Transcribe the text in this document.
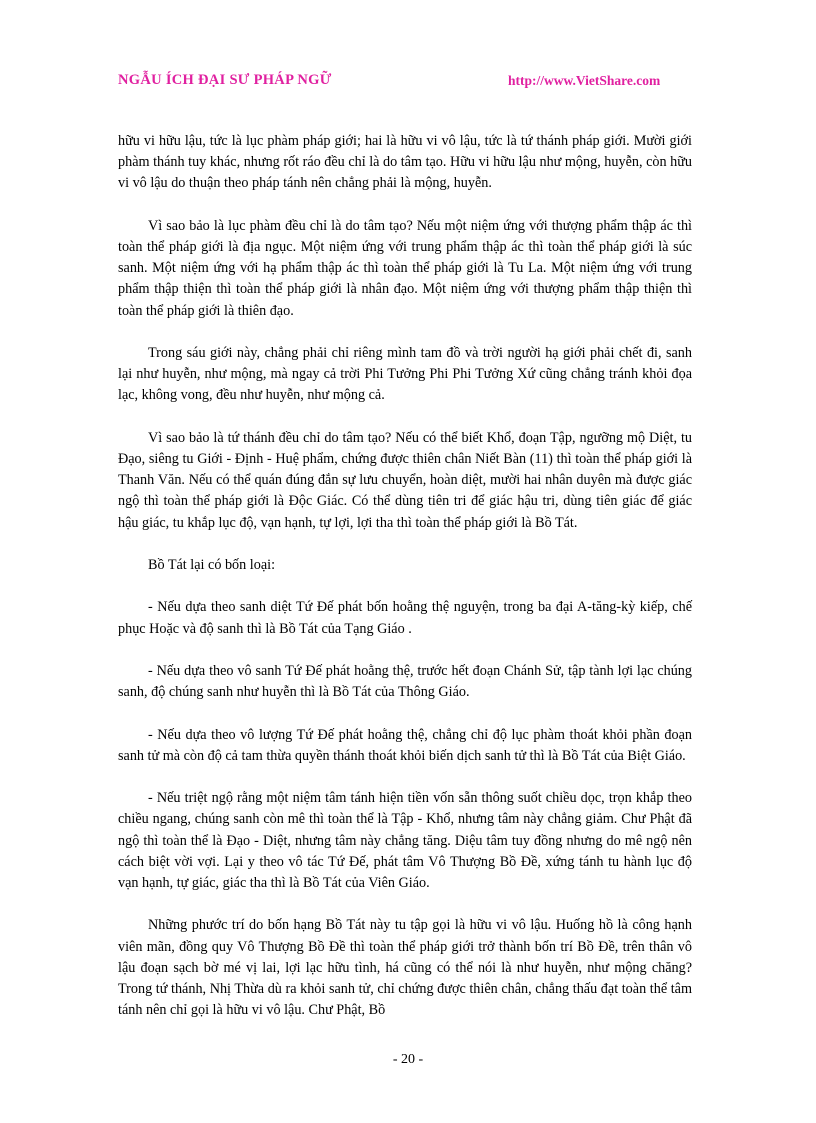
NGẪU ÍCH ĐẠI SƯ PHÁP NGỮ	http://www.VietShare.com

hữu vi hữu lậu, tức là lục phàm pháp giới; hai là hữu vi vô lậu, tức là tứ thánh pháp giới. Mười giới phàm thánh tuy khác, nhưng rốt ráo đều chỉ là do tâm tạo. Hữu vi hữu lậu như mộng, huyễn, còn hữu vi vô lậu do thuận theo pháp tánh nên chẳng phải là mộng, huyễn.

Vì sao bảo là lục phàm đều chỉ là do tâm tạo? Nếu một niệm ứng với thượng phẩm thập ác thì toàn thể pháp giới là địa ngục. Một niệm ứng với trung phẩm thập ác thì toàn thể pháp giới là súc sanh. Một niệm ứng với hạ phẩm thập ác thì toàn thể pháp giới là Tu La. Một niệm ứng với trung phẩm thập thiện thì toàn thể pháp giới là nhân đạo. Một niệm ứng với thượng phẩm thập thiện thì toàn thể pháp giới là thiên đạo.

Trong sáu giới này, chẳng phải chỉ riêng mình tam đồ và trời người hạ giới phải chết đi, sanh lại như huyễn, như mộng, mà ngay cả trời Phi Tưởng Phi Phi Tưởng Xứ cũng chẳng tránh khỏi đọa lạc, không vong, đều như huyễn, như mộng cả.

Vì sao bảo là tứ thánh đều chỉ do tâm tạo? Nếu có thể biết Khổ, đoạn Tập, ngưỡng mộ Diệt, tu Đạo, siêng tu Giới - Định - Huệ phẩm, chứng được thiên chân Niết Bàn (11) thì toàn thể pháp giới là Thanh Văn. Nếu có thể quán đúng đắn sự lưu chuyển, hoàn diệt, mười hai nhân duyên mà được giác ngộ thì toàn thể pháp giới là Độc Giác. Có thể dùng tiên tri để giác hậu tri, dùng tiên giác để giác hậu giác, tu khắp lục độ, vạn hạnh, tự lợi, lợi tha thì toàn thể pháp giới là Bồ Tát.

Bồ Tát lại có bốn loại:

- Nếu dựa theo sanh diệt Tứ Đế phát bốn hoằng thệ nguyện, trong ba đại A-tăng-kỳ kiếp, chế phục Hoặc và độ sanh thì là Bồ Tát của Tạng Giáo .

- Nếu dựa theo vô sanh Tứ Đế phát hoằng thệ, trước hết đoạn Chánh Sử, tập tành lợi lạc chúng sanh, độ chúng sanh như huyễn thì là Bồ Tát của Thông Giáo.

- Nếu dựa theo vô lượng Tứ Đế phát hoằng thệ, chẳng chỉ độ lục phàm thoát khỏi phần đoạn sanh tử mà còn độ cả tam thừa quyền thánh thoát khỏi biến dịch sanh tử thì là Bồ Tát của Biệt Giáo.

- Nếu triệt ngộ rằng một niệm tâm tánh hiện tiền vốn sẵn thông suốt chiều dọc, trọn khắp theo chiều ngang, chúng sanh còn mê thì toàn thể là Tập - Khổ, nhưng tâm này chẳng giảm. Chư Phật đã ngộ thì toàn thể là Đạo - Diệt, nhưng tâm này chẳng tăng. Diệu tâm tuy đồng nhưng do mê ngộ nên cách biệt vời vợi. Lại y theo vô tác Tứ Đế, phát tâm Vô Thượng Bồ Đề, xứng tánh tu hành lục độ vạn hạnh, tự giác, giác tha thì là Bồ Tát của Viên Giáo.

Những phước trí do bốn hạng Bồ Tát này tu tập gọi là hữu vi vô lậu. Huống hồ là công hạnh viên mãn, đồng quy Vô Thượng Bồ Đề thì toàn thể pháp giới trở thành bốn trí Bồ Đề, trên thân vô lậu đoạn sạch bờ mé vị lai, lợi lạc hữu tình, há cũng có thể nói là như huyễn, như mộng chăng? Trong tứ thánh, Nhị Thừa dù ra khỏi sanh tử, chỉ chứng được thiên chân, chẳng thấu đạt toàn thể tâm tánh nên chỉ gọi là hữu vi vô lậu. Chư Phật, Bồ

- 20 -
